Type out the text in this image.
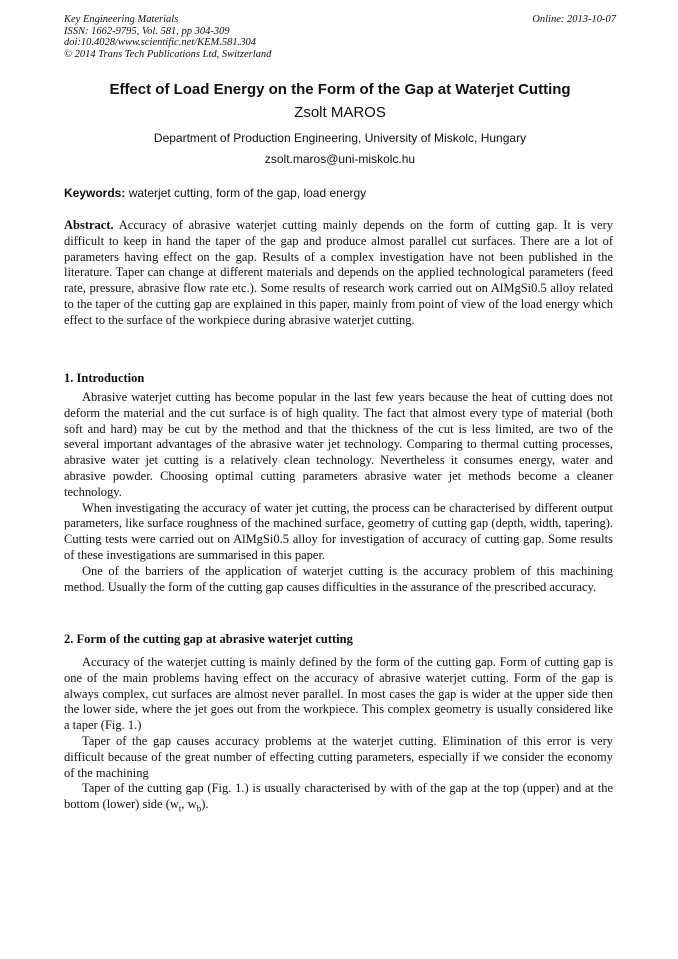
Key Engineering Materials
ISSN: 1662-9795, Vol. 581, pp 304-309
doi:10.4028/www.scientific.net/KEM.581.304
© 2014 Trans Tech Publications Ltd, Switzerland
Online: 2013-10-07
Effect of Load Energy on the Form of the Gap at Waterjet Cutting
Zsolt MAROS
Department of Production Engineering, University of Miskolc, Hungary
zsolt.maros@uni-miskolc.hu
Keywords: waterjet cutting, form of the gap, load energy

Abstract. Accuracy of abrasive waterjet cutting mainly depends on the form of cutting gap. It is very difficult to keep in hand the taper of the gap and produce almost parallel cut surfaces. There are a lot of parameters having effect on the gap. Results of a complex investigation have not been published in the literature. Taper can change at different materials and depends on the applied technological parameters (feed rate, pressure, abrasive flow rate etc.). Some results of research work carried out on AlMgSi0.5 alloy related to the taper of the cutting gap are explained in this paper, mainly from point of view of the load energy which effect to the surface of the workpiece during abrasive waterjet cutting.

1. Introduction

Abrasive waterjet cutting has become popular in the last few years because the heat of cutting does not deform the material and the cut surface is of high quality. The fact that almost every type of material (both soft and hard) may be cut by the method and that the thickness of the cut is less limited, are two of the several important advantages of the abrasive water jet technology. Comparing to thermal cutting processes, abrasive water jet cutting is a relatively clean technology. Nevertheless it consumes energy, water and abrasive powder. Choosing optimal cutting parameters abrasive water jet methods become a cleaner technology.

When investigating the accuracy of water jet cutting, the process can be characterised by different output parameters, like surface roughness of the machined surface, geometry of cutting gap (depth, width, tapering). Cutting tests were carried out on AlMgSi0.5 alloy for investigation of accuracy of cutting gap. Some results of these investigations are summarised in this paper.

One of the barriers of the application of waterjet cutting is the accuracy problem of this machining method. Usually the form of the cutting gap causes difficulties in the assurance of the prescribed accuracy.

2. Form of the cutting gap at abrasive waterjet cutting

Accuracy of the waterjet cutting is mainly defined by the form of the cutting gap. Form of cutting gap is one of the main problems having effect on the accuracy of abrasive waterjet cutting. Form of the gap is always complex, cut surfaces are almost never parallel. In most cases the gap is wider at the upper side then the lower side, where the jet goes out from the workpiece. This complex geometry is usually considered like a taper (Fig. 1.)

Taper of the gap causes accuracy problems at the waterjet cutting. Elimination of this error is very difficult because of the great number of effecting cutting parameters, especially if we consider the economy of the machining

Taper of the cutting gap (Fig. 1.) is usually characterised by with of the gap at the top (upper) and at the bottom (lower) side ($w_t$, $w_b$).
